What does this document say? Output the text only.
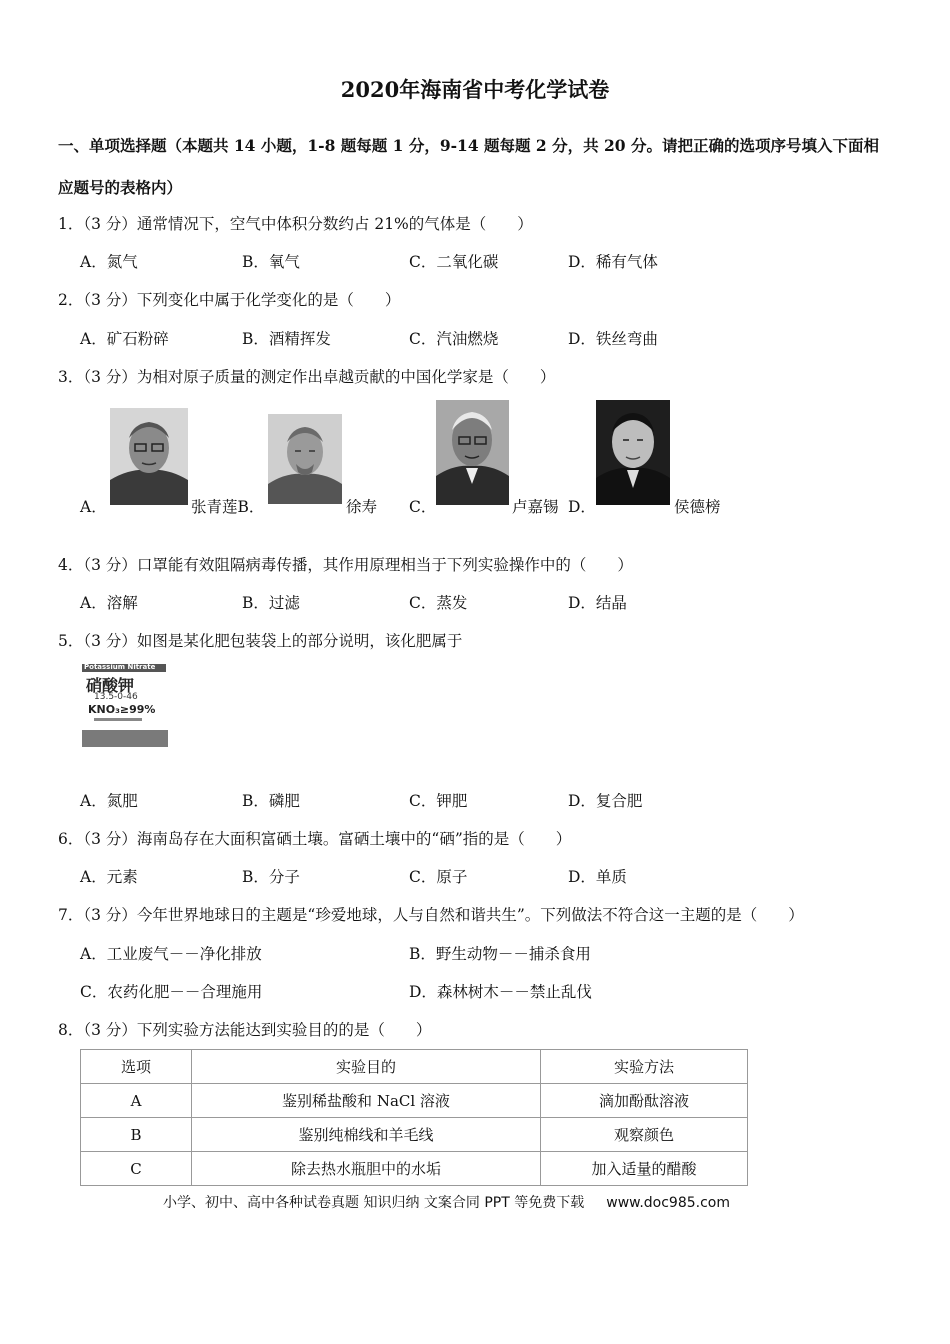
2020年海南省中考化学试卷
一、单项选择题（本题共 14 小题，1-8 题每题 1 分，9-14 题每题 2 分，共 20 分。请把正确的选项序号填入下面相
应题号的表格内）
1．（3 分）通常情况下，空气中体积分数约占 21%的气体是（　　）
A．氮气	B．氧气	C．二氧化碳	D．稀有气体
2．（3 分）下列变化中属于化学变化的是（　　）
A．矿石粉碎	B．酒精挥发	C．汽油燃烧	D．铁丝弯曲
3．（3 分）为相对原子质量的测定作出卓越贡献的中国化学家是（　　）
A．	张青莲B．	徐寿 C．	卢嘉锡 D．	侯德榜
4．（3 分）口罩能有效阻隔病毒传播，其作用原理相当于下列实验操作中的（　　）
A．溶解	B．过滤	C．蒸发	D．结晶
5．（3 分）如图是某化肥包装袋上的部分说明，该化肥属于
Potassium Nitrate
硝酸钾
13.5-0-46
KNO₃≥99%
A．氮肥	B．磷肥	C．钾肥	D．复合肥
6．（3 分）海南岛存在大面积富硒土壤。富硒土壤中的“硒”指的是（　　）
A．元素	B．分子	C．原子	D．单质
7．（3 分）今年世界地球日的主题是“珍爱地球，人与自然和谐共生”。下列做法不符合这一主题的是（　　）
A．工业废气－－净化排放	B．野生动物－－捕杀食用
C．农药化肥－－合理施用	D．森林树木－－禁止乱伐
8．（3 分）下列实验方法能达到实验目的的是（　　）
选项	实验目的	实验方法
A	鉴别稀盐酸和 NaCl 溶液	滴加酚酞溶液
B	鉴别纯棉线和羊毛线	观察颜色
C	除去热水瓶胆中的水垢	加入适量的醋酸
小学、初中、高中各种试卷真题 知识归纳 文案合同 PPT 等免费下载 www.doc985.com
